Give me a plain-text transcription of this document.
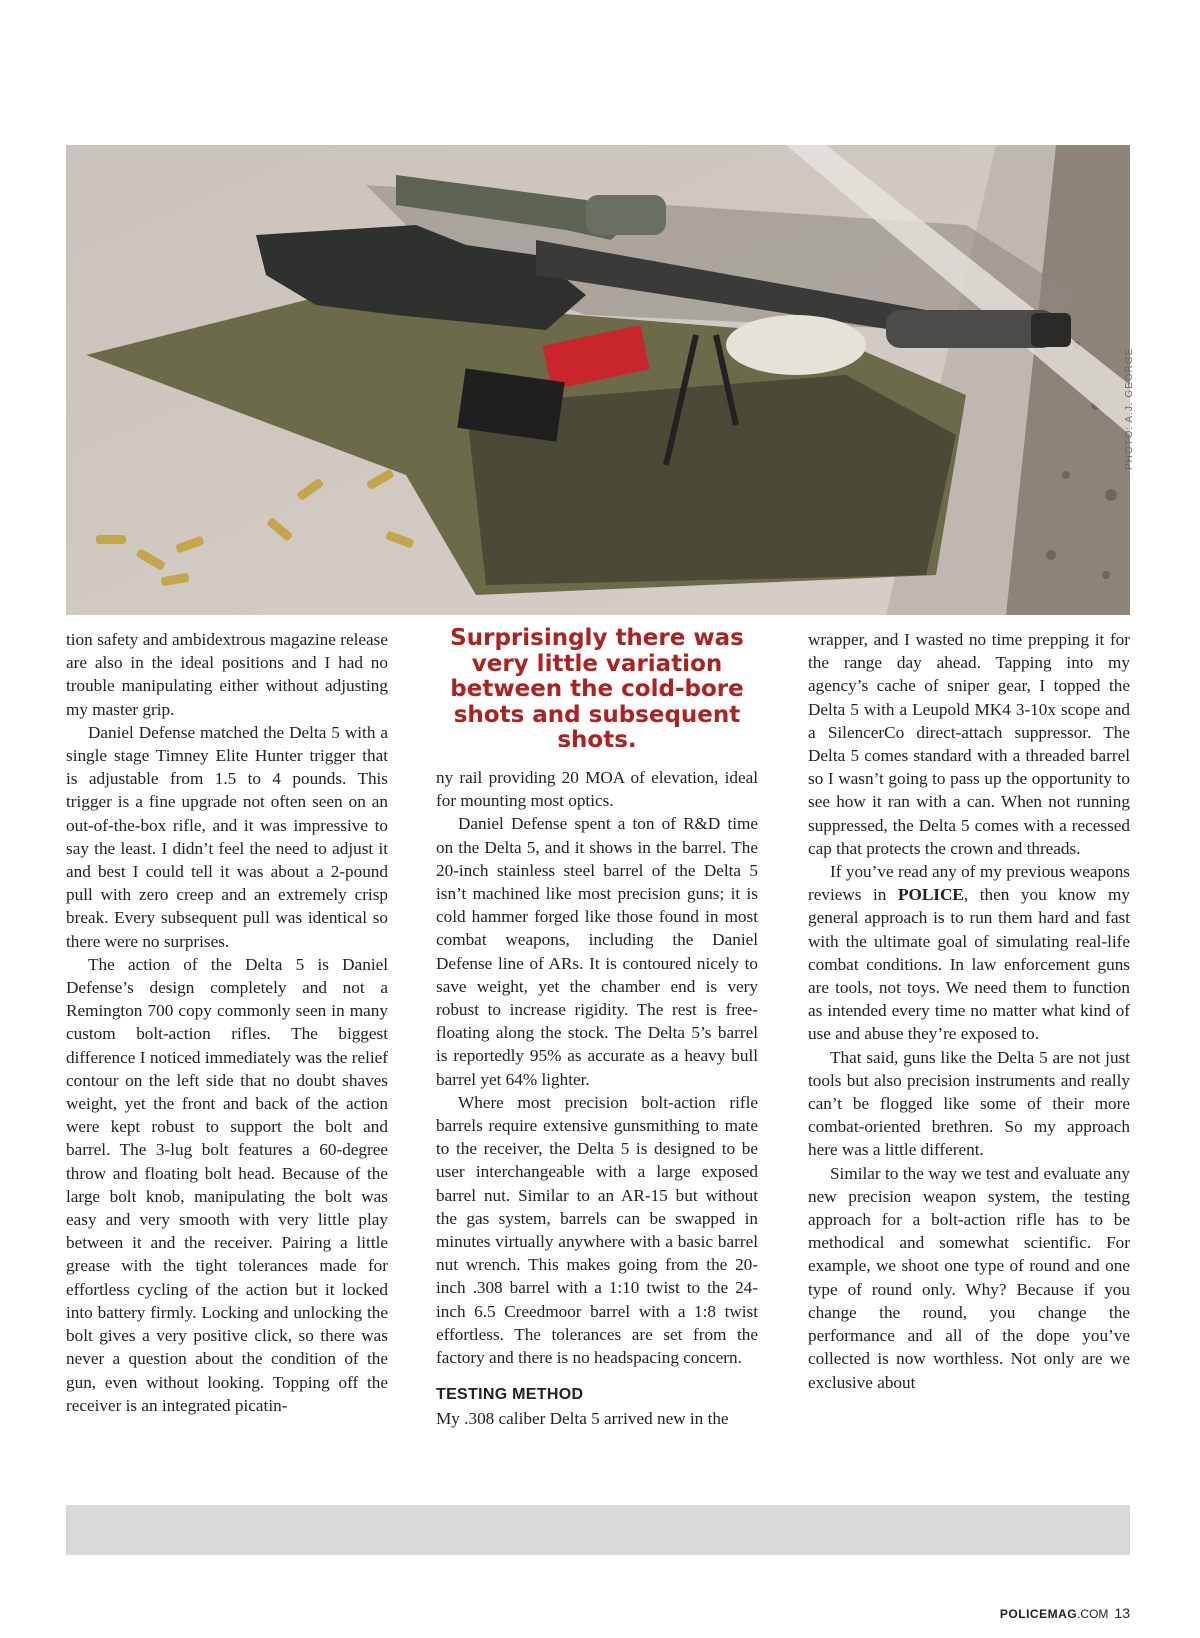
PHOTO: A.J. GEORGE

tion safety and ambidextrous magazine release are also in the ideal positions and I had no trouble manipulating either without adjusting my master grip.

Daniel Defense matched the Delta 5 with a single stage Timney Elite Hunter trigger that is adjustable from 1.5 to 4 pounds. This trigger is a fine upgrade not often seen on an out-of-the-box rifle, and it was impressive to say the least. I didn’t feel the need to adjust it and best I could tell it was about a 2-pound pull with zero creep and an extremely crisp break. Every subsequent pull was identical so there were no surprises.

The action of the Delta 5 is Daniel Defense’s design completely and not a Remington 700 copy commonly seen in many custom bolt-action rifles. The biggest difference I noticed immediately was the relief contour on the left side that no doubt shaves weight, yet the front and back of the action were kept robust to support the bolt and barrel. The 3-lug bolt features a 60-degree throw and floating bolt head. Because of the large bolt knob, manipulating the bolt was easy and very smooth with very little play between it and the receiver. Pairing a little grease with the tight tolerances made for effortless cycling of the action but it locked into battery firmly. Locking and unlocking the bolt gives a very positive click, so there was never a question about the condition of the gun, even without looking. Topping off the receiver is an integrated picatin-

Surprisingly there was very little variation between the cold-bore shots and subsequent shots.

ny rail providing 20 MOA of elevation, ideal for mounting most optics.

Daniel Defense spent a ton of R&D time on the Delta 5, and it shows in the barrel. The 20-inch stainless steel barrel of the Delta 5 isn’t machined like most precision guns; it is cold hammer forged like those found in most combat weapons, including the Daniel Defense line of ARs. It is contoured nicely to save weight, yet the chamber end is very robust to increase rigidity. The rest is free-floating along the stock. The Delta 5’s barrel is reportedly 95% as accurate as a heavy bull barrel yet 64% lighter.

Where most precision bolt-action rifle barrels require extensive gunsmithing to mate to the receiver, the Delta 5 is designed to be user interchangeable with a large exposed barrel nut. Similar to an AR-15 but without the gas system, barrels can be swapped in minutes virtually anywhere with a basic barrel nut wrench. This makes going from the 20-inch .308 barrel with a 1:10 twist to the 24-inch 6.5 Creedmoor barrel with a 1:8 twist effortless. The tolerances are set from the factory and there is no headspacing concern.

TESTING METHOD

My .308 caliber Delta 5 arrived new in the

wrapper, and I wasted no time prepping it for the range day ahead. Tapping into my agency’s cache of sniper gear, I topped the Delta 5 with a Leupold MK4 3-10x scope and a SilencerCo direct-attach suppressor. The Delta 5 comes standard with a threaded barrel so I wasn’t going to pass up the opportunity to see how it ran with a can. When not running suppressed, the Delta 5 comes with a recessed cap that protects the crown and threads.

If you’ve read any of my previous weapons reviews in POLICE, then you know my general approach is to run them hard and fast with the ultimate goal of simulating real-life combat conditions. In law enforcement guns are tools, not toys. We need them to function as intended every time no matter what kind of use and abuse they’re exposed to.

That said, guns like the Delta 5 are not just tools but also precision instruments and really can’t be flogged like some of their more combat-oriented brethren. So my approach here was a little different.

Similar to the way we test and evaluate any new precision weapon system, the testing approach for a bolt-action rifle has to be methodical and somewhat scientific. For example, we shoot one type of round and one type of round only. Why? Because if you change the round, you change the performance and all of the dope you’ve collected is now worthless. Not only are we exclusive about

POLICEMAG.COM 13
